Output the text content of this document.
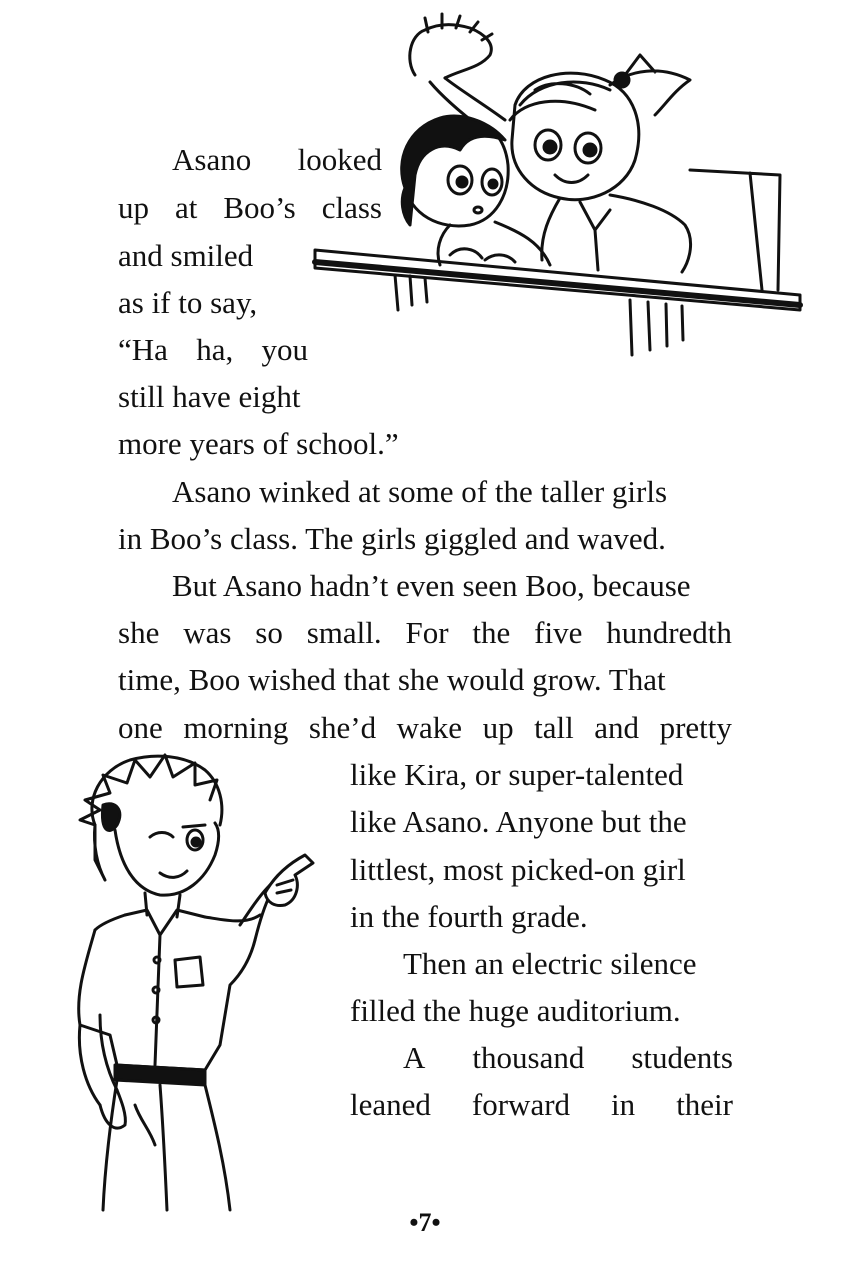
Asano looked
up at Boo’s class
and smiled
as if to say,
“Ha ha, you
still have eight
more years of school.”
Asano winked at some of the taller girls
in Boo’s class. The girls giggled and waved.
But Asano hadn’t even seen Boo, because
she was so small. For the five hundredth
time, Boo wished that she would grow. That
one morning she’d wake up tall and pretty
like Kira, or super-talented
like Asano. Anyone but the
littlest, most picked-on girl
in the fourth grade.
Then an electric silence
filled the huge auditorium.
A thousand students
leaned forward in their
•7•
